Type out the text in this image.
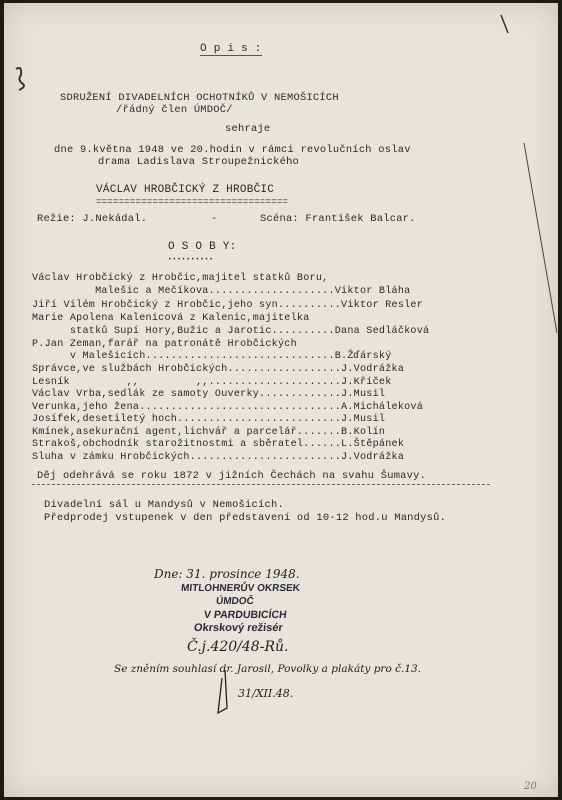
O p i s :
SDRUŽENÍ DIVADELNÍCH OCHOTNÍKŮ V NEMOŠICÍCH
/řádný člen ÚMDOČ/
sehraje
dne 9.května 1948 ve 20.hodin v rámci revolučních oslav
drama Ladislava Stroupežnického
VÁCLAV HROBČICKÝ Z HROBČIC
==================================
Režie: J.Nekádal.	-	Scéna: František Balcar.
O S O B Y:
••••••••••
Václav Hrobčický z Hrobčic,majitel statků Boru,
Malešic a Mečíkova....................Viktor Bláha
Jiří Vilém Hrobčický z Hrobčic,jeho syn..........Viktor Resler
Marie Apolena Kalenicová z Kalenic,majitelka
statků Supí Hory,Bužic a Jarotic..........Dana Sedláčková
P.Jan Zeman,farář na patronátě Hrobčických
v Malešicích..............................B.Žďárský
Správce,ve službách Hrobčických..................J.Vodrážka
Lesník         ,,         ,,.....................J.Kříček
Václav Vrba,sedlák ze samoty Ouverky.............J.Musil
Verunka,jeho žena................................A.Micháleková
Josífek,desetiletý hoch..........................J.Musil
Kmínek,asekurační agent,lichvář a parcelář.......B.Kolín
Strakoš,obchodník starožitnostmi a sběratel......L.Štěpánek
Sluha v zámku Hrobčických........................J.Vodrážka
Děj odehrává se roku 1872 v jižních Čechách na svahu Šumavy.
Divadelní sál u Mandysů v Nemošicích.
Předprodej vstupenek v den představení od 10-12 hod.u Mandysů.
Dne: 31. prosince 1948.
MITLOHNERŮV OKRSEK
ÚMDOČ
V PARDUBICÍCH
Okrskový režisér
Č.j.420/48-Rů.
Se zněním souhlasí dr. Jarosil, Povolky a plakáty pro č.13.
31/XII.48.
20
